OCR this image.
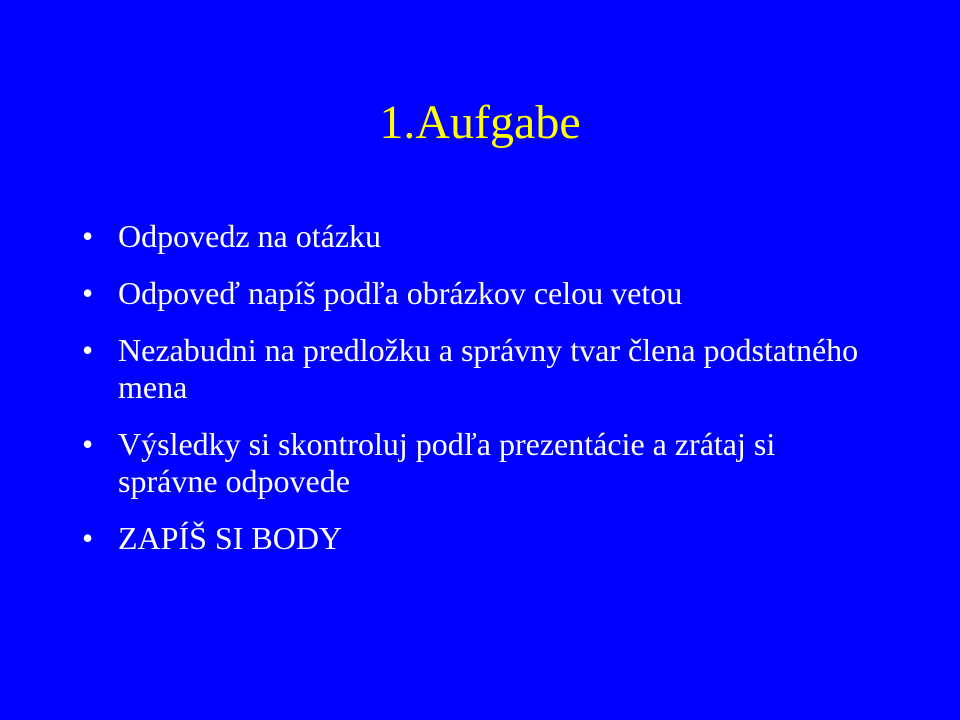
1.Aufgabe
• Odpovedz na otázku
• Odpoveď napíš podľa obrázkov celou vetou
• Nezabudni na predložku a správny tvar člena podstatného mena
• Výsledky si skontroluj podľa prezentácie a zrátaj si správne odpovede
• ZAPÍŠ SI BODY
